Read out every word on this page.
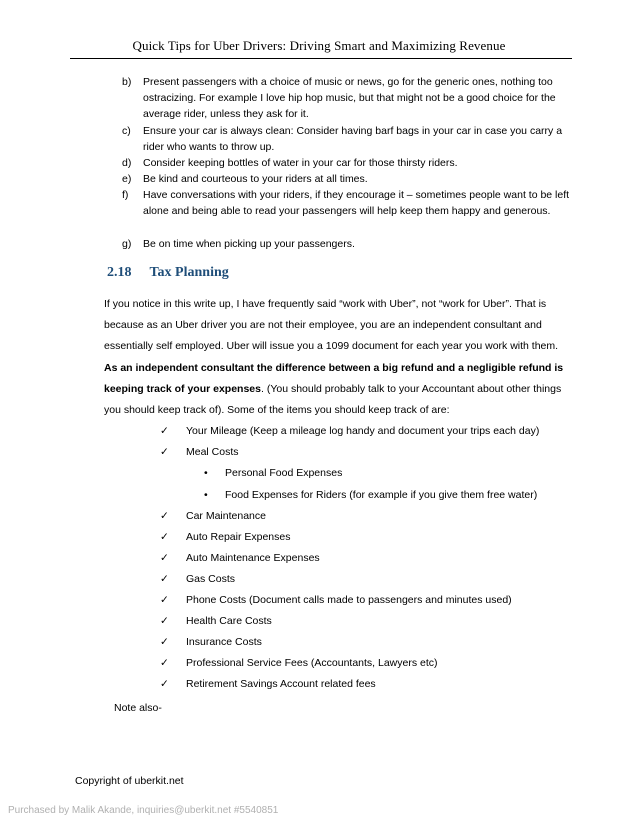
Quick Tips for Uber Drivers: Driving Smart and Maximizing Revenue
b) Present passengers with a choice of music or news, go for the generic ones, nothing too ostracizing. For example I love hip hop music, but that might not be a good choice for the average rider, unless they ask for it.
c) Ensure your car is always clean: Consider having barf bags in your car in case you carry a rider who wants to throw up.
d) Consider keeping bottles of water in your car for those thirsty riders.
e) Be kind and courteous to your riders at all times.
f) Have conversations with your riders, if they encourage it – sometimes people want to be left alone and being able to read your passengers will help keep them happy and generous.
g) Be on time when picking up your passengers.
2.18 Tax Planning
If you notice in this write up, I have frequently said “work with Uber”, not “work for Uber”. That is because as an Uber driver you are not their employee, you are an independent consultant and essentially self employed. Uber will issue you a 1099 document for each year you work with them. As an independent consultant the difference between a big refund and a negligible refund is keeping track of your expenses. (You should probably talk to your Accountant about other things you should keep track of). Some of the items you should keep track of are:
✓ Your Mileage (Keep a mileage log handy and document your trips each day)
✓ Meal Costs
• Personal Food Expenses
• Food Expenses for Riders (for example if you give them free water)
✓ Car Maintenance
✓ Auto Repair Expenses
✓ Auto Maintenance Expenses
✓ Gas Costs
✓ Phone Costs (Document calls made to passengers and minutes used)
✓ Health Care Costs
✓ Insurance Costs
✓ Professional Service Fees (Accountants, Lawyers etc)
✓ Retirement Savings Account related fees
Note also-
Copyright of uberkit.net
Purchased by Malik Akande, inquiries@uberkit.net #5540851
